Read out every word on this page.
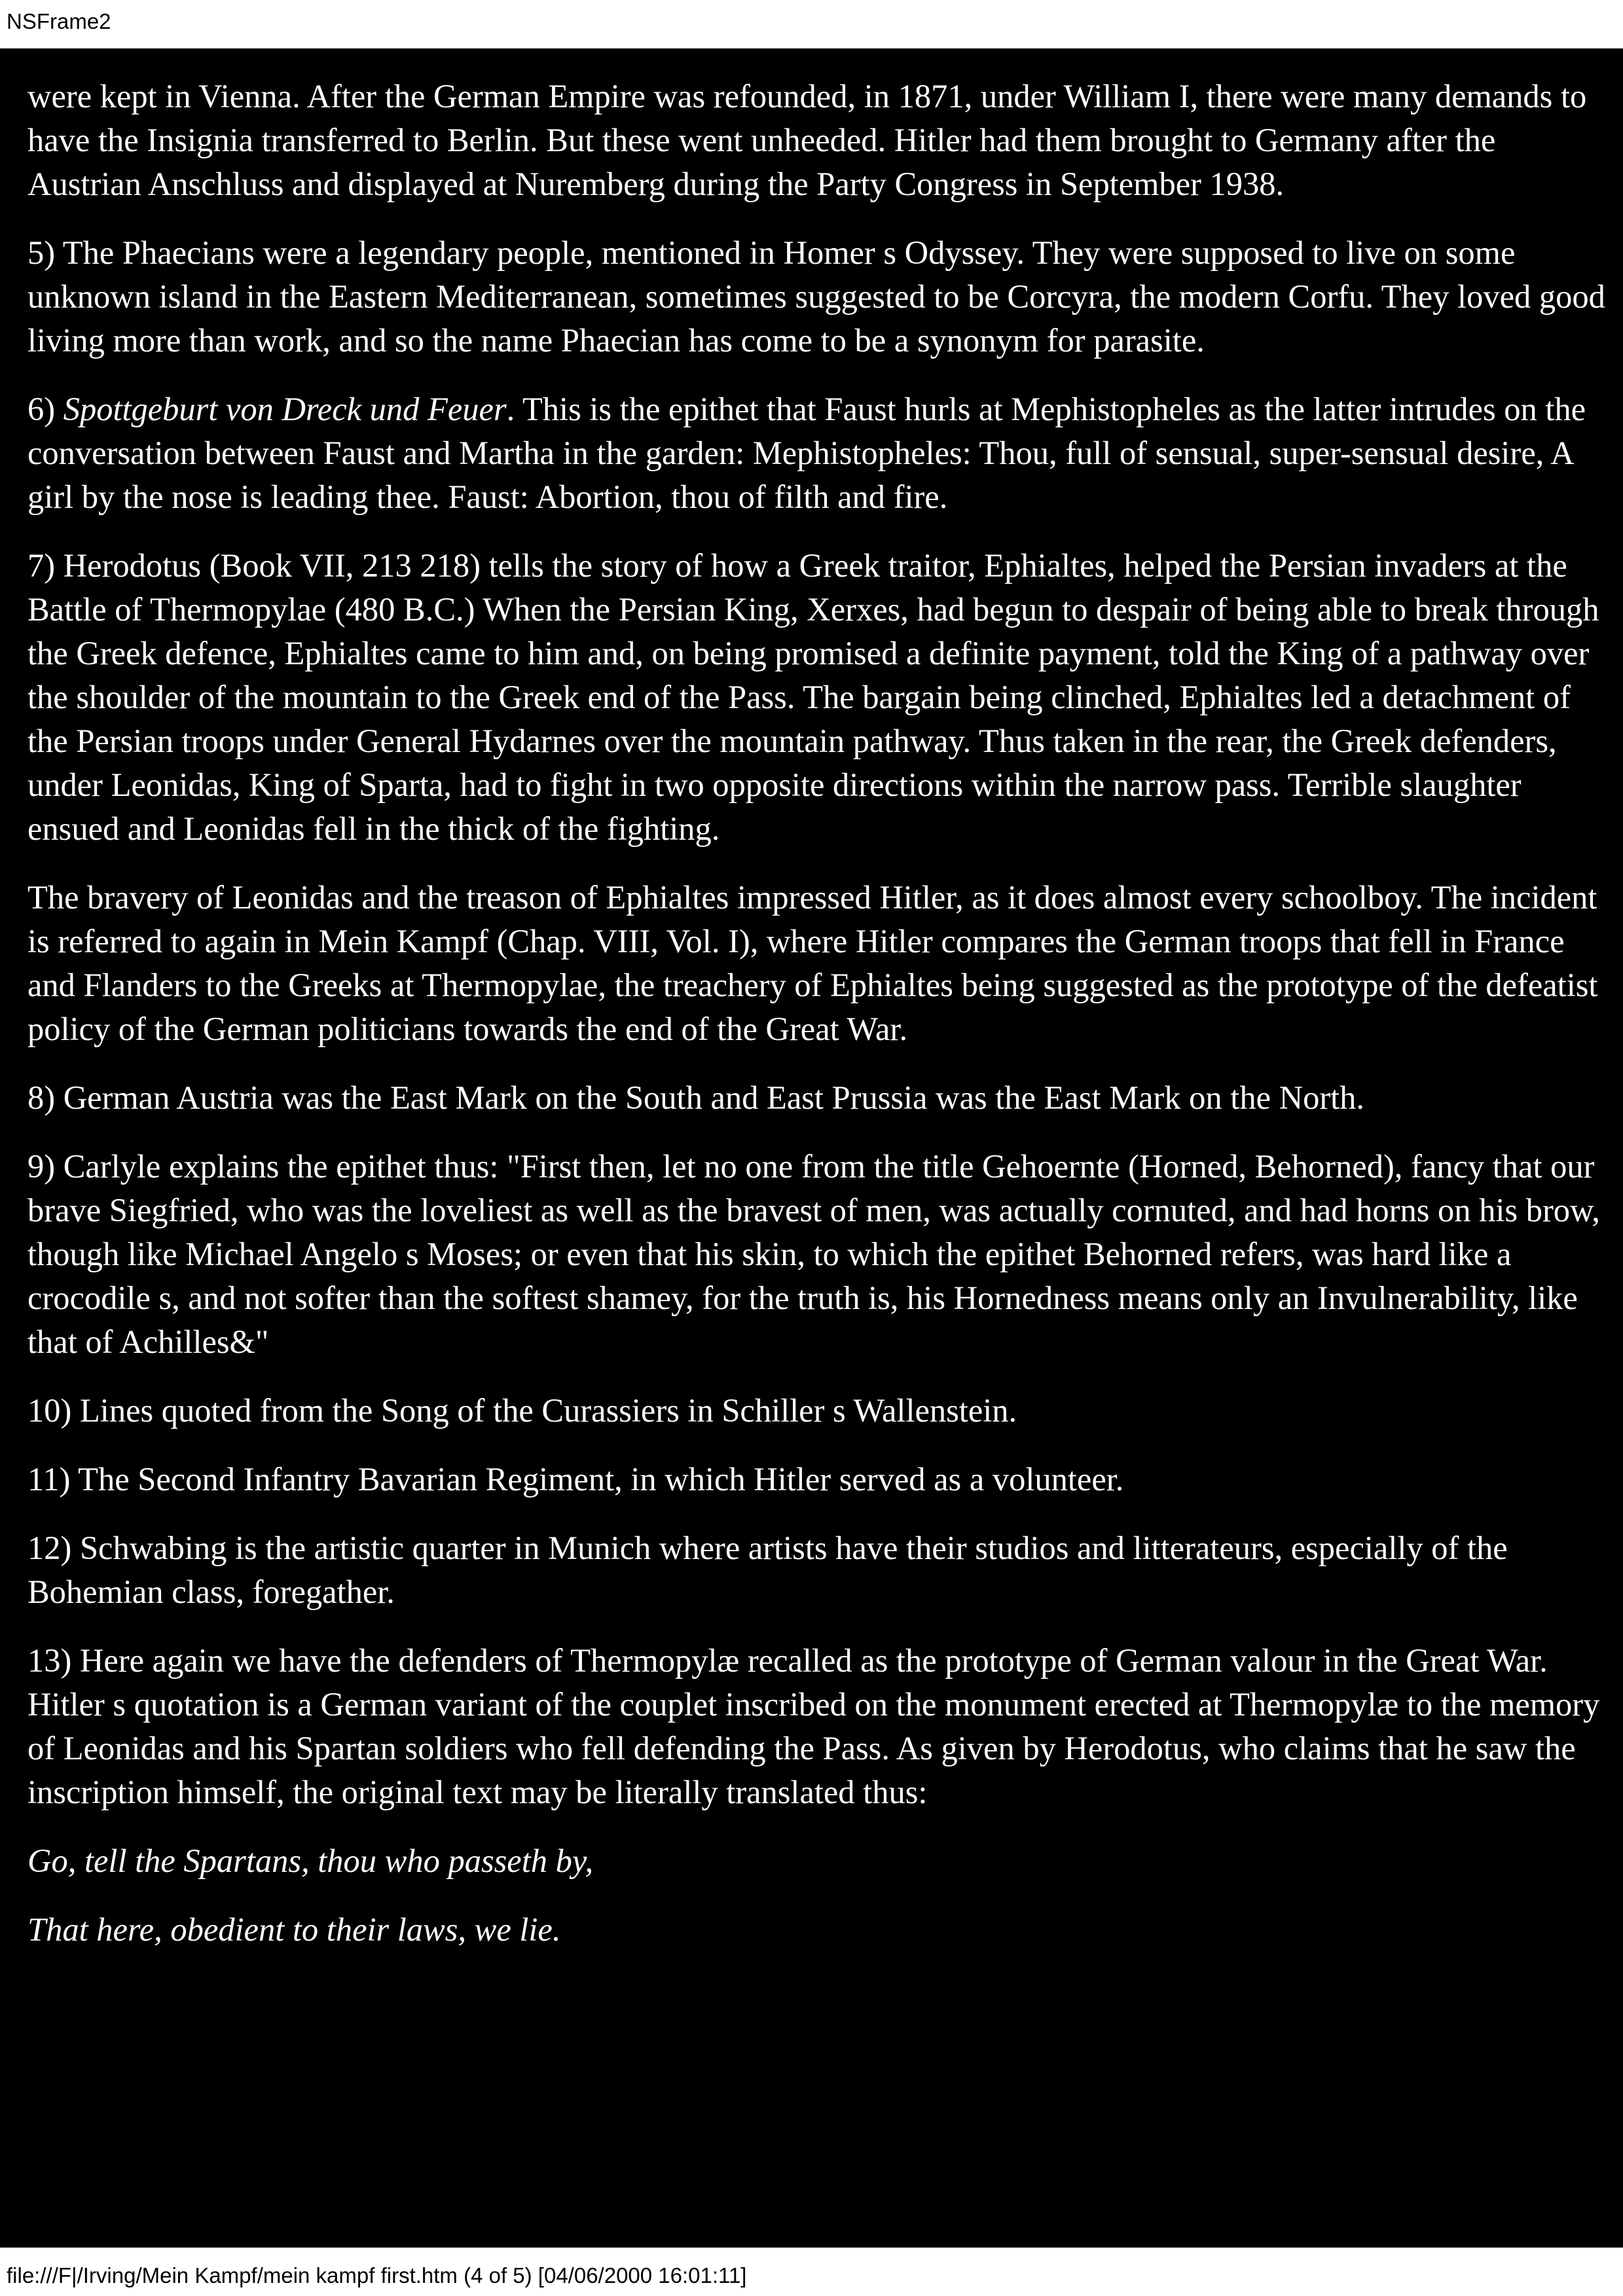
NSFrame2

were kept in Vienna. After the German Empire was refounded, in 1871, under William I, there were many demands to have the Insignia transferred to Berlin. But these went unheeded. Hitler had them brought to Germany after the Austrian Anschluss and displayed at Nuremberg during the Party Congress in September 1938.

5) The Phaecians were a legendary people, mentioned in Homer s Odyssey. They were supposed to live on some unknown island in the Eastern Mediterranean, sometimes suggested to be Corcyra, the modern Corfu. They loved good living more than work, and so the name Phaecian has come to be a synonym for parasite.

6) Spottgeburt von Dreck und Feuer. This is the epithet that Faust hurls at Mephistopheles as the latter intrudes on the conversation between Faust and Martha in the garden: Mephistopheles: Thou, full of sensual, super-sensual desire, A girl by the nose is leading thee. Faust: Abortion, thou of filth and fire.

7) Herodotus (Book VII, 213 218) tells the story of how a Greek traitor, Ephialtes, helped the Persian invaders at the Battle of Thermopylae (480 B.C.) When the Persian King, Xerxes, had begun to despair of being able to break through the Greek defence, Ephialtes came to him and, on being promised a definite payment, told the King of a pathway over the shoulder of the mountain to the Greek end of the Pass. The bargain being clinched, Ephialtes led a detachment of the Persian troops under General Hydarnes over the mountain pathway. Thus taken in the rear, the Greek defenders, under Leonidas, King of Sparta, had to fight in two opposite directions within the narrow pass. Terrible slaughter ensued and Leonidas fell in the thick of the fighting.

The bravery of Leonidas and the treason of Ephialtes impressed Hitler, as it does almost every schoolboy. The incident is referred to again in Mein Kampf (Chap. VIII, Vol. I), where Hitler compares the German troops that fell in France and Flanders to the Greeks at Thermopylae, the treachery of Ephialtes being suggested as the prototype of the defeatist policy of the German politicians towards the end of the Great War.

8) German Austria was the East Mark on the South and East Prussia was the East Mark on the North.

9) Carlyle explains the epithet thus: "First then, let no one from the title Gehoernte (Horned, Behorned), fancy that our brave Siegfried, who was the loveliest as well as the bravest of men, was actually cornuted, and had horns on his brow, though like Michael Angelo s Moses; or even that his skin, to which the epithet Behorned refers, was hard like a crocodile s, and not softer than the softest shamey, for the truth is, his Hornedness means only an Invulnerability, like that of Achilles&"

10) Lines quoted from the Song of the Curassiers in Schiller s Wallenstein.

11) The Second Infantry Bavarian Regiment, in which Hitler served as a volunteer.

12) Schwabing is the artistic quarter in Munich where artists have their studios and litterateurs, especially of the Bohemian class, foregather.

13) Here again we have the defenders of Thermopylæ recalled as the prototype of German valour in the Great War. Hitler s quotation is a German variant of the couplet inscribed on the monument erected at Thermopylæ to the memory of Leonidas and his Spartan soldiers who fell defending the Pass. As given by Herodotus, who claims that he saw the inscription himself, the original text may be literally translated thus:

Go, tell the Spartans, thou who passeth by,

That here, obedient to their laws, we lie.

file:///F|/Irving/Mein Kampf/mein kampf first.htm (4 of 5) [04/06/2000 16:01:11]
